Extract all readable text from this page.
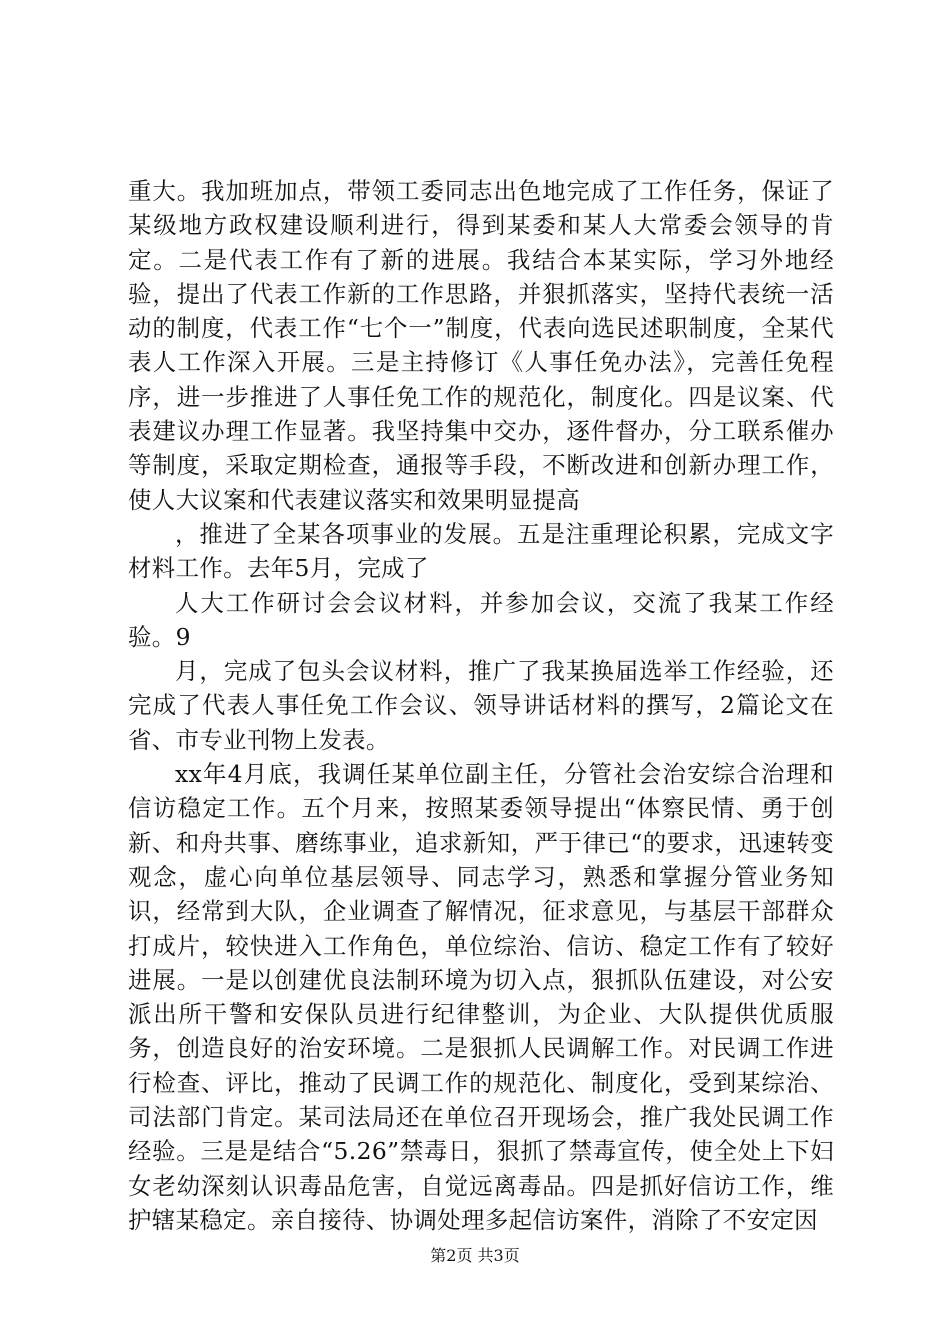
重大。我加班加点，带领工委同志出色地完成了工作任务，保证了某级地方政权建设顺利进行，得到某委和某人大常委会领导的肯定。二是代表工作有了新的进展。我结合本某实际，学习外地经验，提出了代表工作新的工作思路，并狠抓落实，坚持代表统一活动的制度，代表工作“七个一”制度，代表向选民述职制度，全某代表人工作深入开展。三是主持修订《人事任免办法》，完善任免程序，进一步推进了人事任免工作的规范化，制度化。四是议案、代表建议办理工作显著。我坚持集中交办，逐件督办，分工联系催办等制度，采取定期检查，通报等手段，不断改进和创新办理工作，使人大议案和代表建议落实和效果明显提高

，推进了全某各项事业的发展。五是注重理论积累，完成文字材料工作。去年5月，完成了

人大工作研讨会会议材料，并参加会议，交流了我某工作经验。9

月，完成了包头会议材料，推广了我某换届选举工作经验，还完成了代表人事任免工作会议、领导讲话材料的撰写，2篇论文在省、市专业刊物上发表。

xx年4月底，我调任某单位副主任，分管社会治安综合治理和信访稳定工作。五个月来，按照某委领导提出“体察民情、勇于创新、和舟共事、磨练事业，追求新知，严于律已“的要求，迅速转变观念，虚心向单位基层领导、同志学习，熟悉和掌握分管业务知识，经常到大队，企业调查了解情况，征求意见，与基层干部群众打成片，较快进入工作角色，单位综治、信访、稳定工作有了较好进展。一是以创建优良法制环境为切入点，狠抓队伍建设，对公安派出所干警和安保队员进行纪律整训，为企业、大队提供优质服务，创造良好的治安环境。二是狠抓人民调解工作。对民调工作进行检查、评比，推动了民调工作的规范化、制度化，受到某综治、司法部门肯定。某司法局还在单位召开现场会，推广我处民调工作经验。三是是结合“5.26”禁毒日，狠抓了禁毒宣传，使全处上下妇女老幼深刻认识毒品危害，自觉远离毒品。四是抓好信访工作，维护辖某稳定。亲自接待、协调处理多起信访案件，消除了不安定因

第2页 共3页
